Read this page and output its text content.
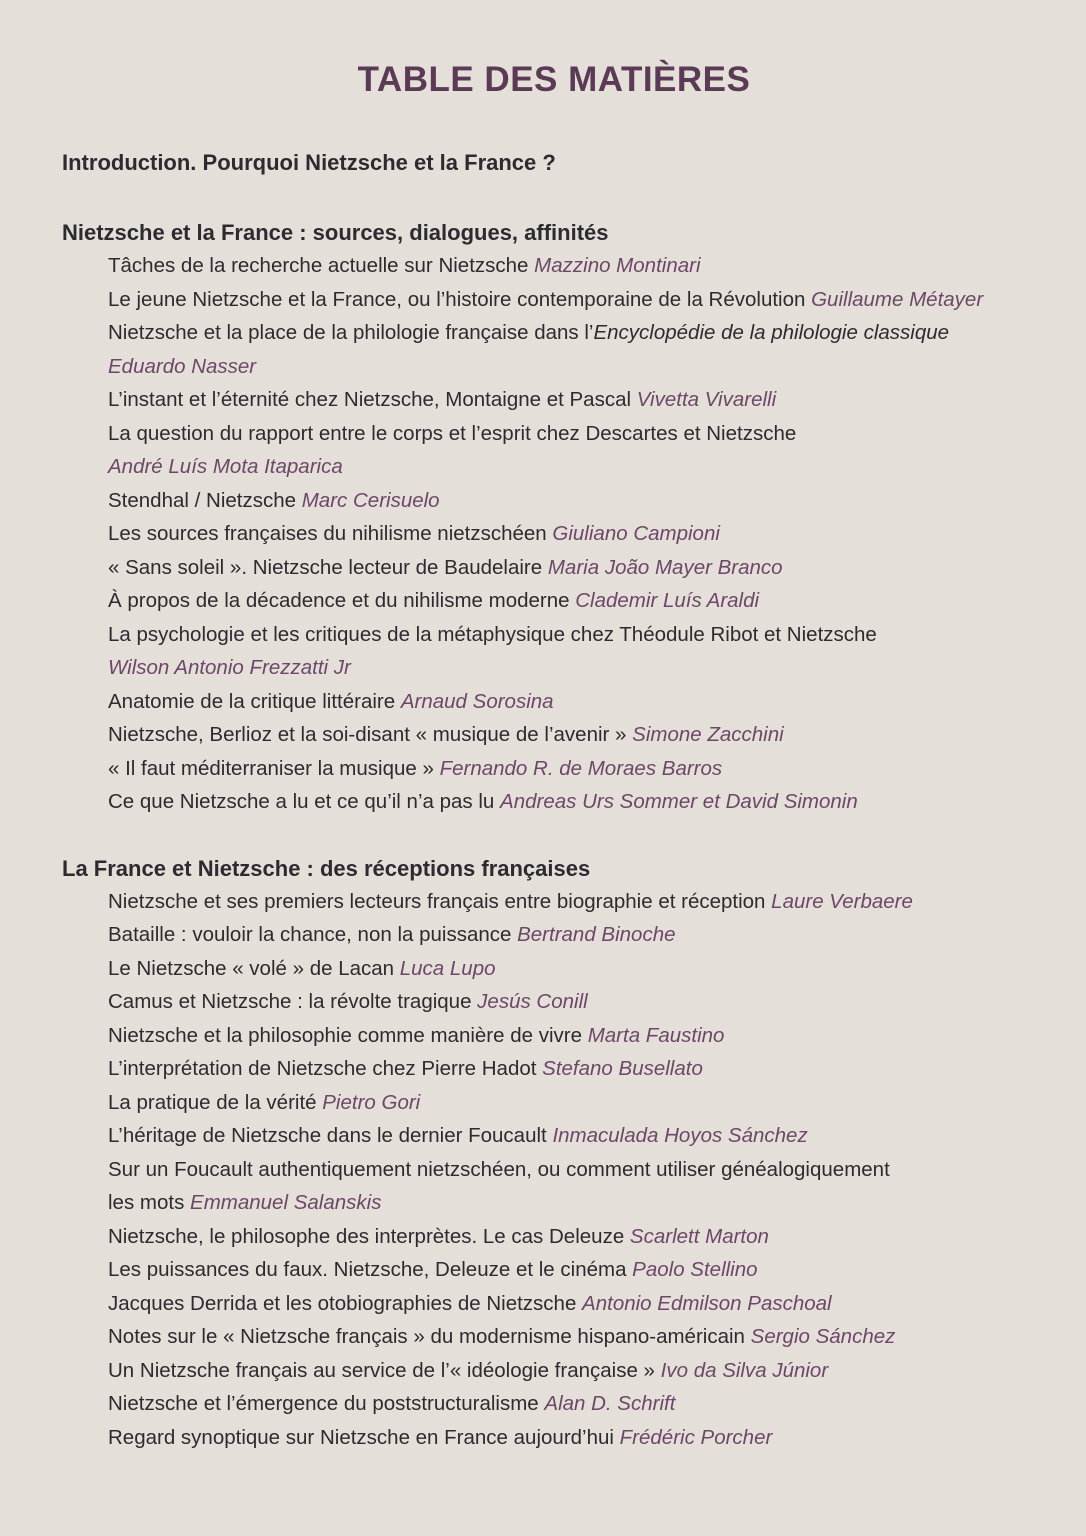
TABLE DES MATIÈRES

Introduction. Pourquoi Nietzsche et la France ?

Nietzsche et la France : sources, dialogues, affinités

Tâches de la recherche actuelle sur Nietzsche Mazzino Montinari

Le jeune Nietzsche et la France, ou l’histoire contemporaine de la Révolution Guillaume Métayer

Nietzsche et la place de la philologie française dans l’Encyclopédie de la philologie classique

Eduardo Nasser

L’instant et l’éternité chez Nietzsche, Montaigne et Pascal Vivetta Vivarelli

La question du rapport entre le corps et l’esprit chez Descartes et Nietzsche

André Luís Mota Itaparica

Stendhal / Nietzsche Marc Cerisuelo

Les sources françaises du nihilisme nietzschéen Giuliano Campioni

« Sans soleil ». Nietzsche lecteur de Baudelaire Maria João Mayer Branco

À propos de la décadence et du nihilisme moderne Clademir Luís Araldi

La psychologie et les critiques de la métaphysique chez Théodule Ribot et Nietzsche

Wilson Antonio Frezzatti Jr

Anatomie de la critique littéraire Arnaud Sorosina

Nietzsche, Berlioz et la soi-disant « musique de l’avenir » Simone Zacchini

« Il faut méditerraniser la musique » Fernando R. de Moraes Barros

Ce que Nietzsche a lu et ce qu’il n’a pas lu Andreas Urs Sommer et David Simonin

La France et Nietzsche : des réceptions françaises

Nietzsche et ses premiers lecteurs français entre biographie et réception Laure Verbaere

Bataille : vouloir la chance, non la puissance Bertrand Binoche

Le Nietzsche « volé » de Lacan Luca Lupo

Camus et Nietzsche : la révolte tragique Jesús Conill

Nietzsche et la philosophie comme manière de vivre Marta Faustino

L’interprétation de Nietzsche chez Pierre Hadot Stefano Busellato

La pratique de la vérité Pietro Gori

L’héritage de Nietzsche dans le dernier Foucault Inmaculada Hoyos Sánchez

Sur un Foucault authentiquement nietzschéen, ou comment utiliser généalogiquement

les mots Emmanuel Salanskis

Nietzsche, le philosophe des interprètes. Le cas Deleuze Scarlett Marton

Les puissances du faux. Nietzsche, Deleuze et le cinéma Paolo Stellino

Jacques Derrida et les otobiographies de Nietzsche Antonio Edmilson Paschoal

Notes sur le « Nietzsche français » du modernisme hispano-américain Sergio Sánchez

Un Nietzsche français au service de l’« idéologie française » Ivo da Silva Júnior

Nietzsche et l’émergence du poststructuralisme Alan D. Schrift

Regard synoptique sur Nietzsche en France aujourd’hui Frédéric Porcher
